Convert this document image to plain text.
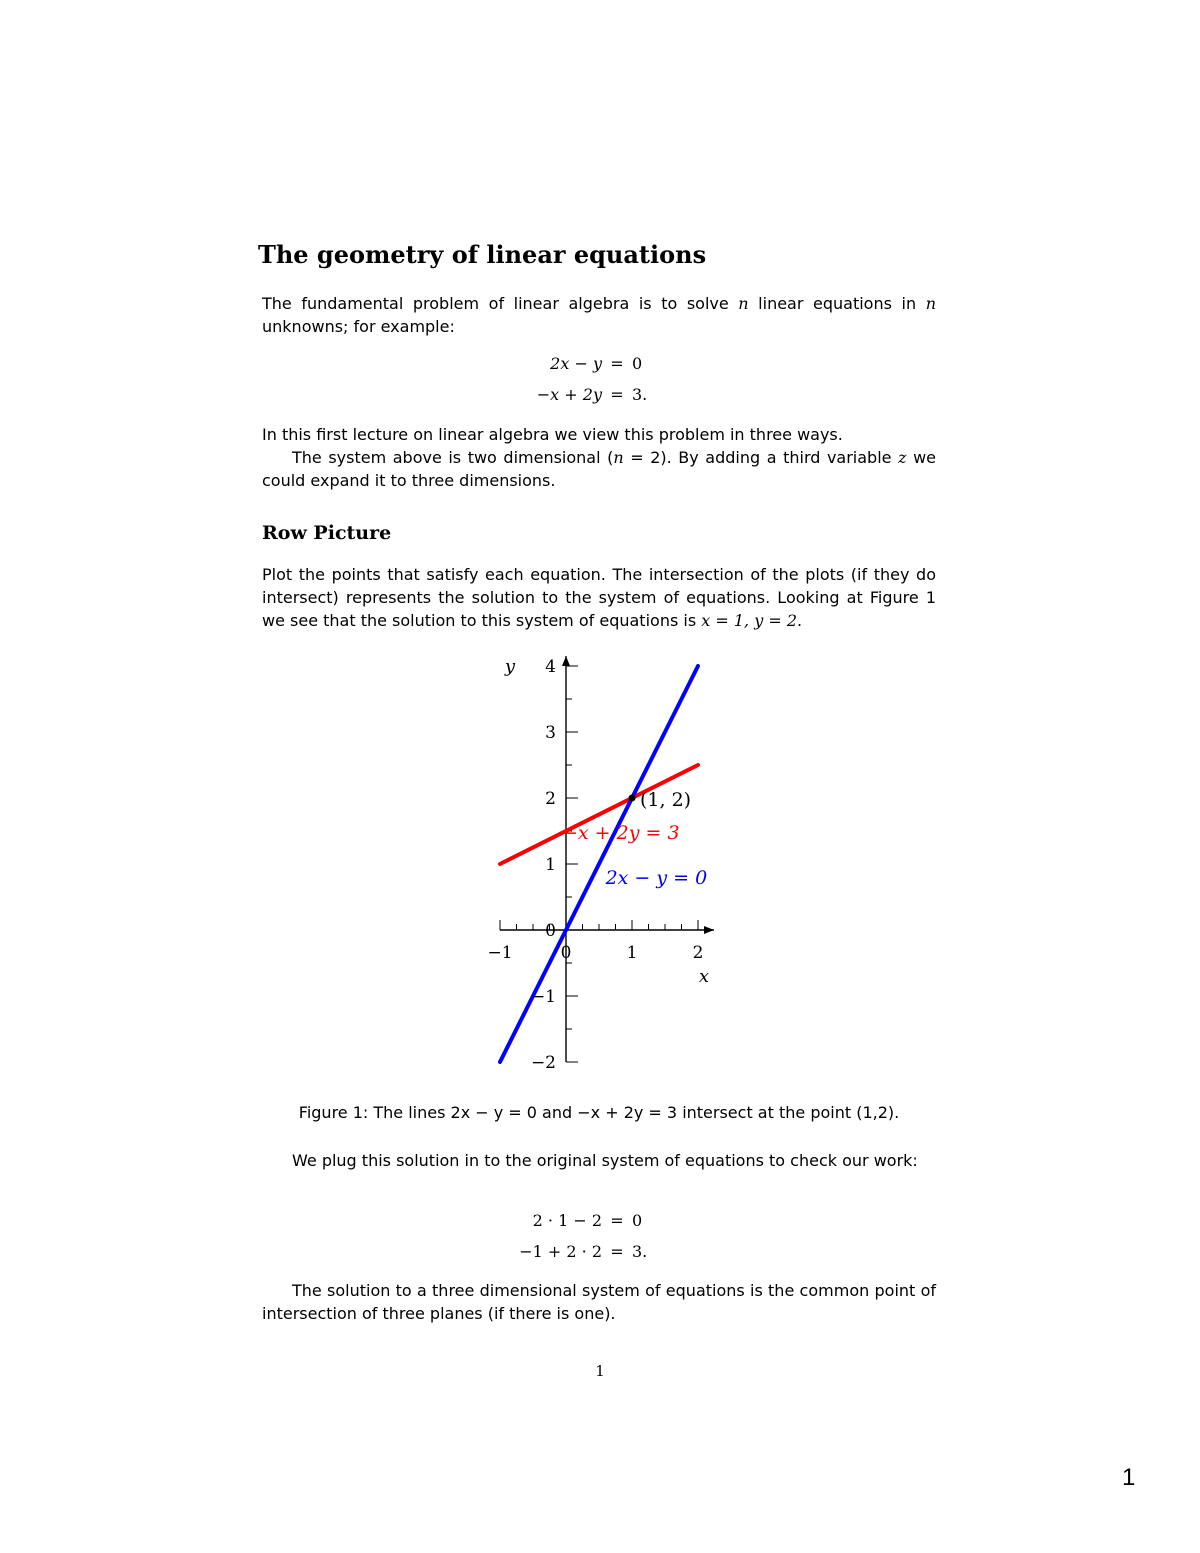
The geometry of linear equations
The fundamental problem of linear algebra is to solve n linear equations in n unknowns; for example:
2x − y = 0
−x + 2y = 3.
In this first lecture on linear algebra we view this problem in three ways.
The system above is two dimensional (n = 2). By adding a third variable z we could expand it to three dimensions.
Row Picture
Plot the points that satisfy each equation. The intersection of the plots (if they do intersect) represents the solution to the system of equations. Looking at Figure 1 we see that the solution to this system of equations is x = 1, y = 2.
−1	0	1	2
−2
−1
0
1
2
3
4
x
y
−x + 2y = 3
2x − y = 0
(1, 2)
Figure 1: The lines 2x − y = 0 and −x + 2y = 3 intersect at the point (1,2).
We plug this solution in to the original system of equations to check our work:
2 · 1 − 2 = 0
−1 + 2 · 2 = 3.
The solution to a three dimensional system of equations is the common point of intersection of three planes (if there is one).
1
1
